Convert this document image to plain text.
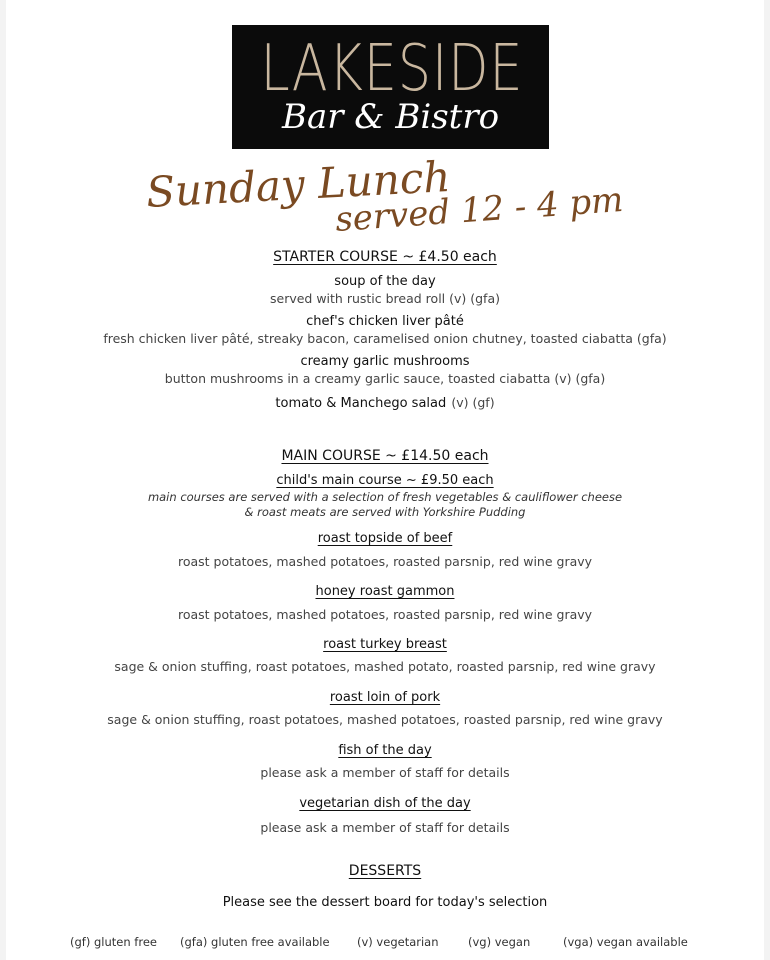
LAKESIDE
Bar & Bistro
Sunday Lunch
served 12 - 4 pm
STARTER COURSE ~ £4.50 each
soup of the day
served with rustic bread roll (v) (gfa)
chef's chicken liver pâté
fresh chicken liver pâté, streaky bacon, caramelised onion chutney, toasted ciabatta (gfa)
creamy garlic mushrooms
button mushrooms in a creamy garlic sauce, toasted ciabatta (v) (gfa)
tomato & Manchego salad (v) (gf)
MAIN COURSE ~ £14.50 each
child's main course ~ £9.50 each
main courses are served with a selection of fresh vegetables & cauliflower cheese
& roast meats are served with Yorkshire Pudding
roast topside of beef
roast potatoes, mashed potatoes, roasted parsnip, red wine gravy
honey roast gammon
roast potatoes, mashed potatoes, roasted parsnip, red wine gravy
roast turkey breast
sage & onion stuffing, roast potatoes, mashed potato, roasted parsnip, red wine gravy
roast loin of pork
sage & onion stuffing, roast potatoes, mashed potatoes, roasted parsnip, red wine gravy
fish of the day
please ask a member of staff for details
vegetarian dish of the day
please ask a member of staff for details
DESSERTS
Please see the dessert board for today's selection
(gf) gluten free (gfa) gluten free available (v) vegetarian	(vg) vegan	(vga) vegan available
